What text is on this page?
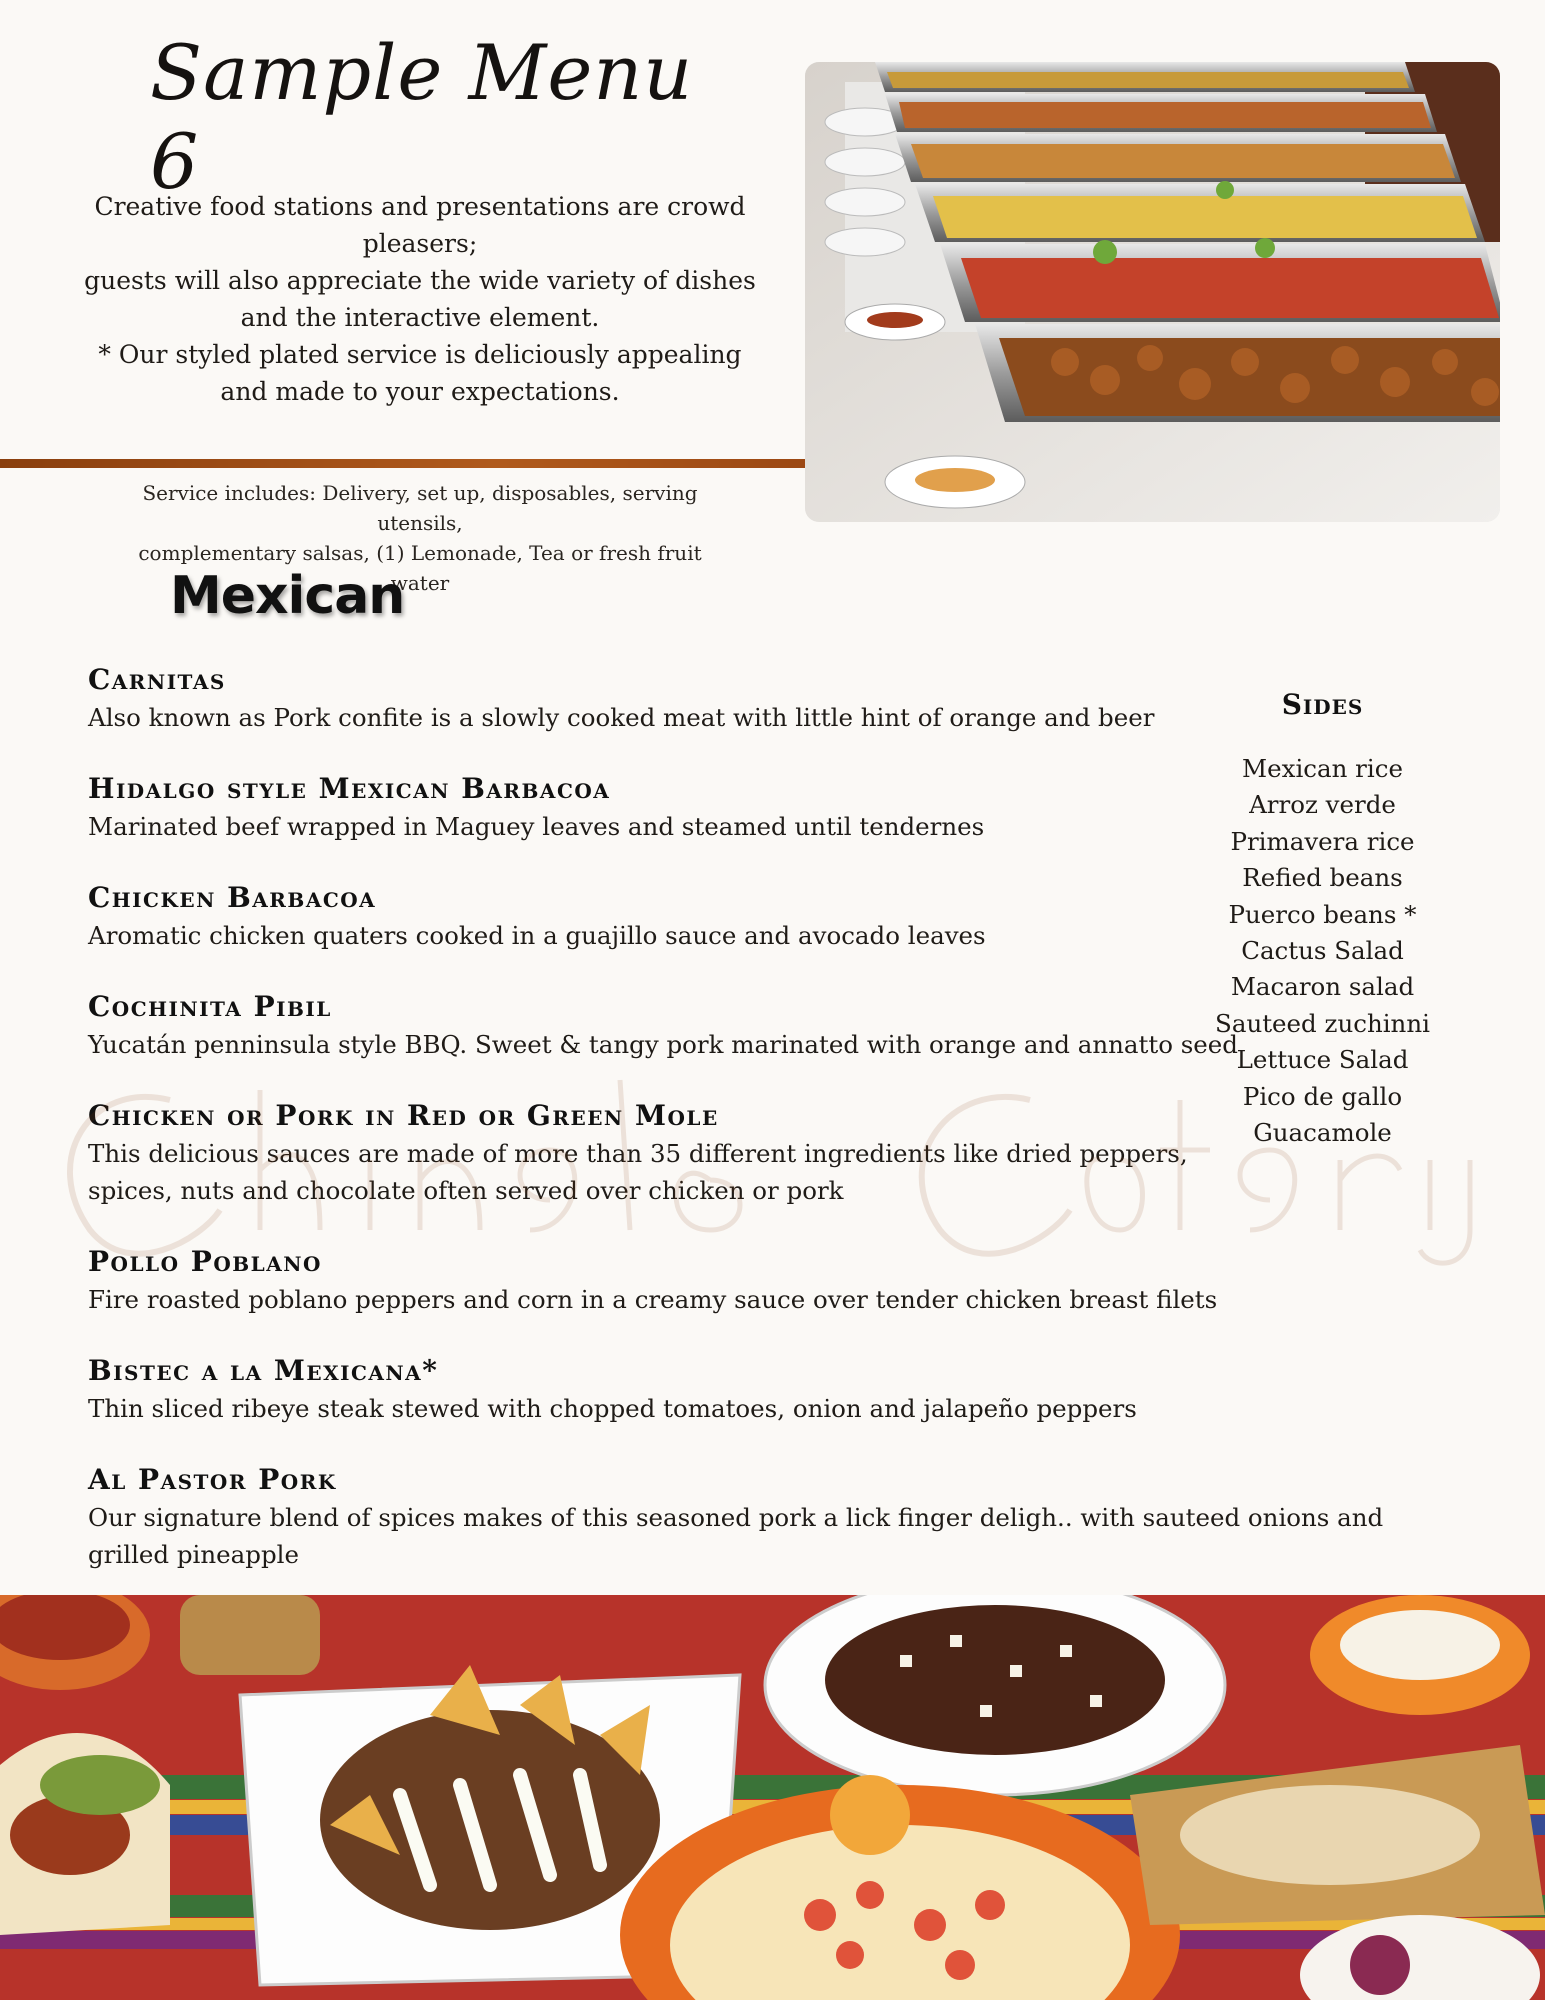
Sample Menu 6

Creative food stations and presentations are crowd pleasers;

guests will also appreciate the wide variety of dishes

and the interactive element.

* Our styled plated service is deliciously appealing

and made to your expectations.

Service includes: Delivery, set up, disposables, serving utensils,

complementary salsas, (1) Lemonade, Tea or fresh fruit water

Mexican
Carnitas
Also known as Pork confite is a slowly cooked meat with little hint of orange and beer
Hidalgo style Mexican Barbacoa
Marinated beef wrapped in Maguey leaves and steamed until tendernes
Chicken Barbacoa
Aromatic chicken quaters cooked in a guajillo sauce and avocado leaves
Cochinita Pibil
Yucatán penninsula style BBQ. Sweet & tangy pork marinated with orange and annatto seed
Chicken or Pork in Red or Green Mole
This delicious sauces are made of more than 35 different ingredients like dried peppers,
spices, nuts and chocolate often served over chicken or pork
Pollo Poblano
Fire roasted poblano peppers and corn in a creamy sauce over tender chicken breast filets
Bistec a la Mexicana*
Thin sliced ribeye steak stewed with chopped tomatoes, onion and jalapeño peppers
Al Pastor Pork
Our signature blend of spices makes of this seasoned pork a lick finger deligh.. with sauteed onions and grilled pineapple
Sides
Mexican rice
Arroz verde
Primavera rice
Refied beans
Puerco beans *
Cactus Salad
Macaron salad
Sauteed zuchinni
Lettuce Salad
Pico de gallo
Guacamole
